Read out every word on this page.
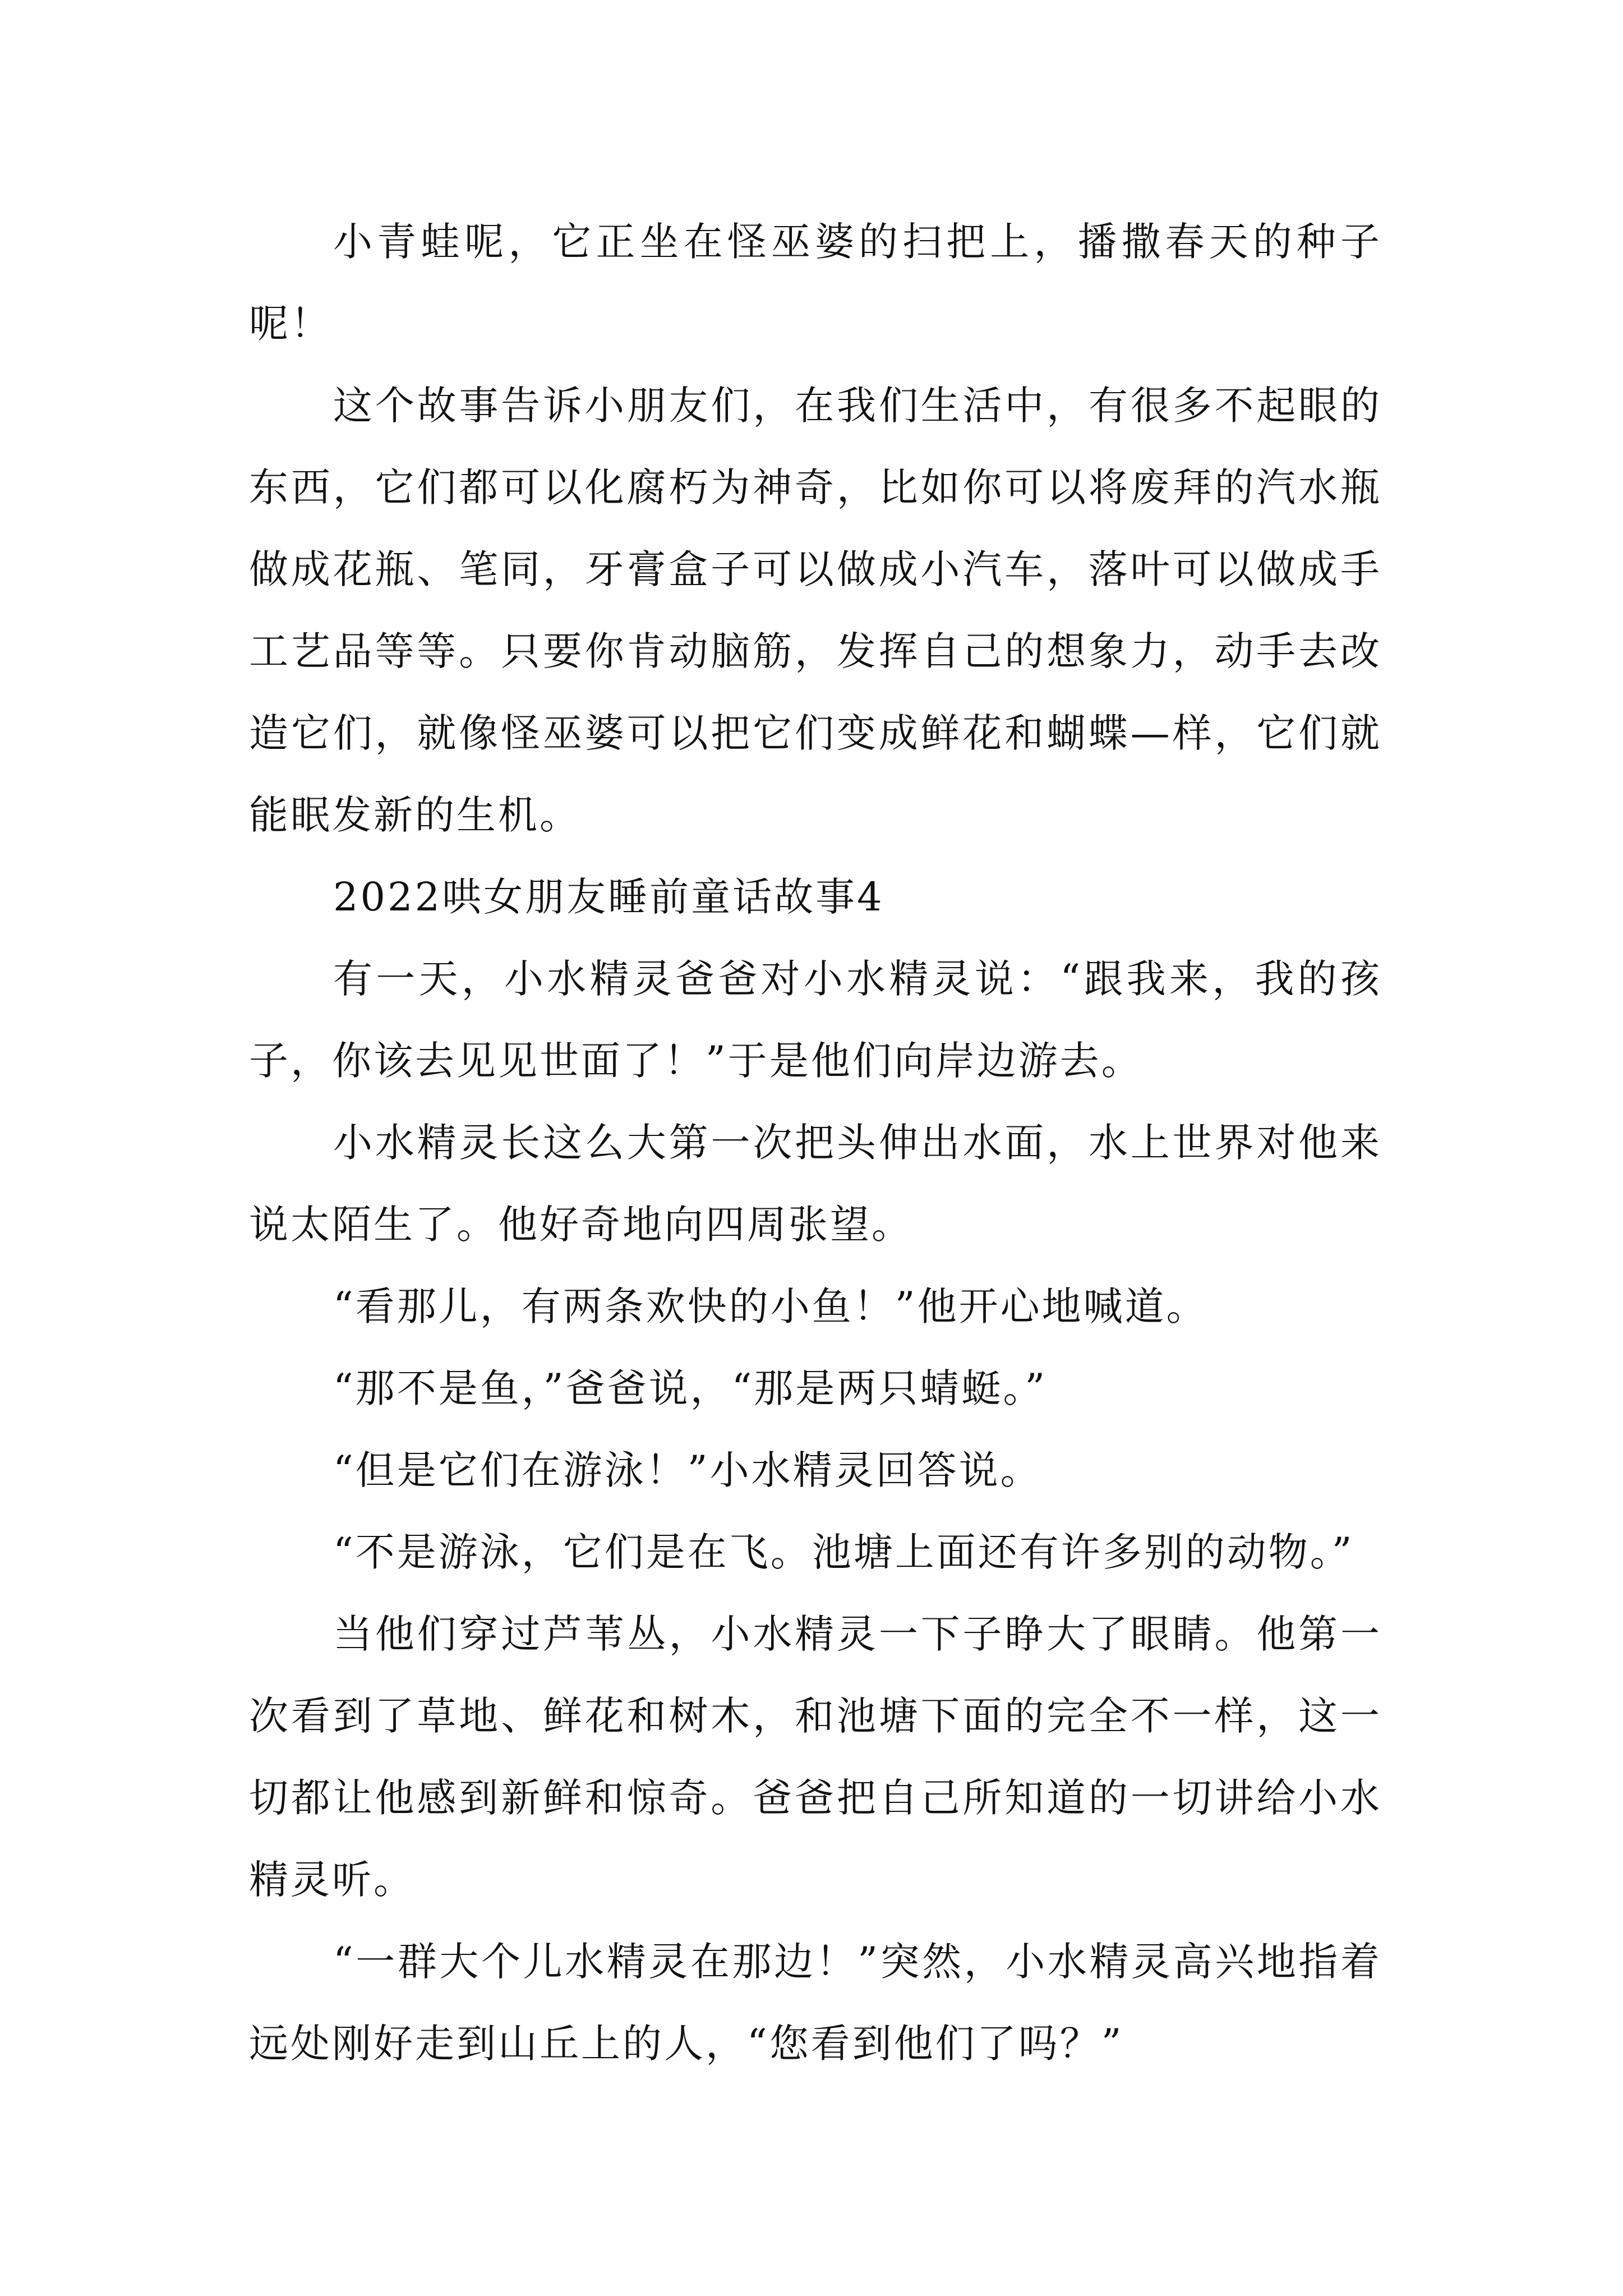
小青蛙呢，它正坐在怪巫婆的扫把上，播撒春天的种子呢！

这个故事告诉小朋友们，在我们生活中，有很多不起眼的东西，它们都可以化腐朽为神奇，比如你可以将废拜的汽水瓶做成花瓶、笔同，牙膏盒子可以做成小汽车，落叶可以做成手工艺品等等。只要你肯动脑筋，发挥自己的想象力，动手去改造它们，就像怪巫婆可以把它们变成鲜花和蝴蝶—样，它们就能眠发新的生机。

2022哄女朋友睡前童话故事4

有一天，小水精灵爸爸对小水精灵说：“跟我来，我的孩子，你该去见见世面了！”于是他们向岸边游去。

小水精灵长这么大第一次把头伸出水面，水上世界对他来说太陌生了。他好奇地向四周张望。

“看那儿，有两条欢快的小鱼！”他开心地喊道。

“那不是鱼，”爸爸说，“那是两只蜻蜓。”

“但是它们在游泳！”小水精灵回答说。

“不是游泳，它们是在飞。池塘上面还有许多别的动物。”

当他们穿过芦苇丛，小水精灵一下子睁大了眼睛。他第一次看到了草地、鲜花和树木，和池塘下面的完全不一样，这一切都让他感到新鲜和惊奇。爸爸把自己所知道的一切讲给小水精灵听。

“一群大个儿水精灵在那边！”突然，小水精灵高兴地指着远处刚好走到山丘上的人，“您看到他们了吗？”
